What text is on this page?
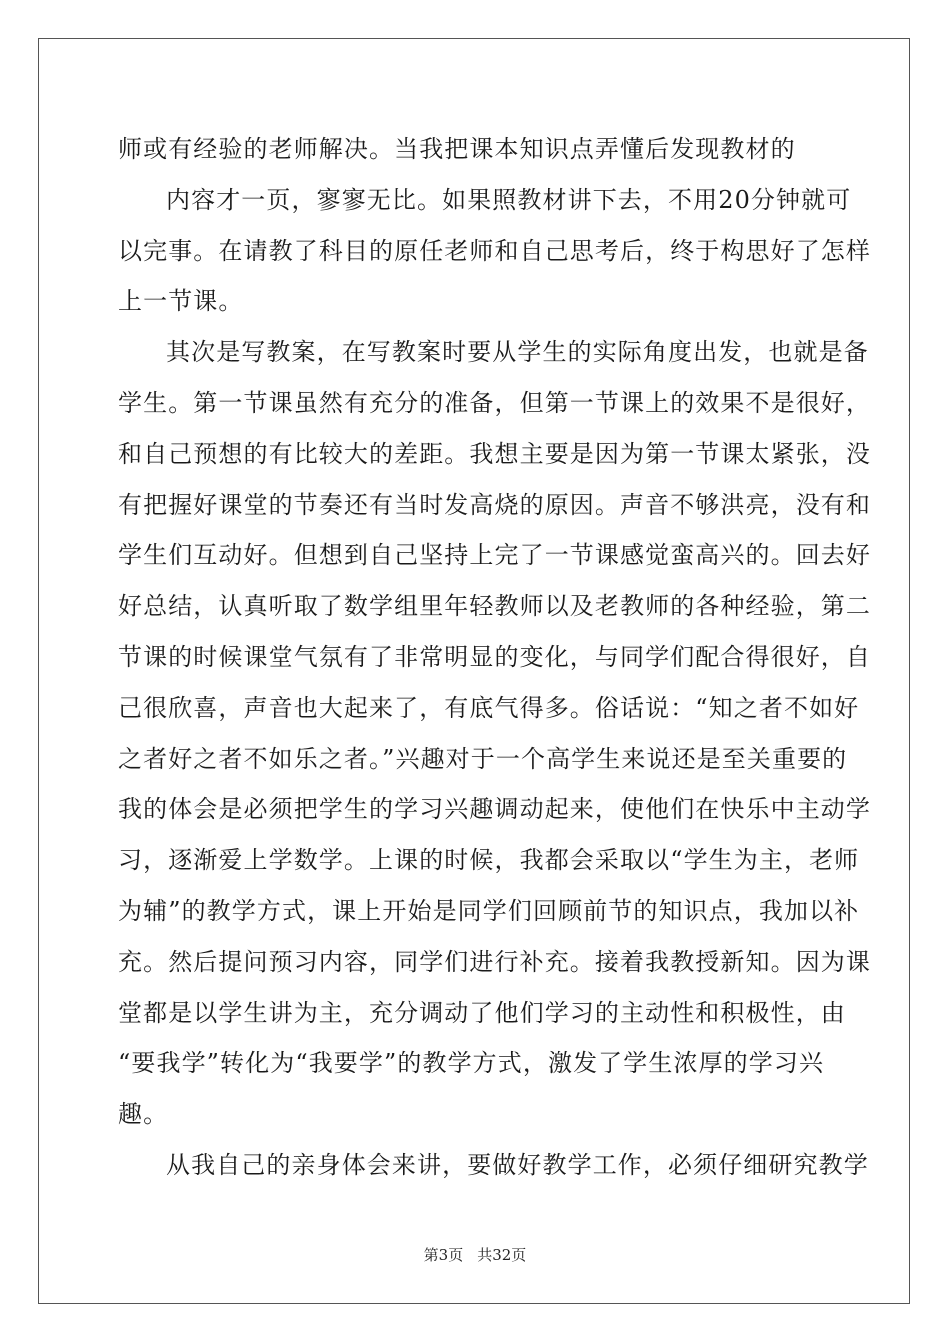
师或有经验的老师解决。当我把课本知识点弄懂后发现教材的
内容才一页，寥寥无比。如果照教材讲下去，不用20分钟就可
以完事。在请教了科目的原任老师和自己思考后，终于构思好了怎样
上一节课。
其次是写教案，在写教案时要从学生的实际角度出发，也就是备
学生。第一节课虽然有充分的准备，但第一节课上的效果不是很好，
和自己预想的有比较大的差距。我想主要是因为第一节课太紧张，没
有把握好课堂的节奏还有当时发高烧的原因。声音不够洪亮，没有和
学生们互动好。但想到自己坚持上完了一节课感觉蛮高兴的。回去好
好总结，认真听取了数学组里年轻教师以及老教师的各种经验，第二
节课的时候课堂气氛有了非常明显的变化，与同学们配合得很好，自
己很欣喜，声音也大起来了，有底气得多。俗话说：“知之者不如好
之者好之者不如乐之者。”兴趣对于一个高学生来说还是至关重要的
我的体会是必须把学生的学习兴趣调动起来，使他们在快乐中主动学
习，逐渐爱上学数学。上课的时候，我都会采取以“学生为主，老师
为辅”的教学方式，课上开始是同学们回顾前节的知识点，我加以补
充。然后提问预习内容，同学们进行补充。接着我教授新知。因为课
堂都是以学生讲为主，充分调动了他们学习的主动性和积极性，由
“要我学”转化为“我要学”的教学方式，激发了学生浓厚的学习兴
趣。
从我自己的亲身体会来讲，要做好教学工作，必须仔细研究教学
第3页 共32页
